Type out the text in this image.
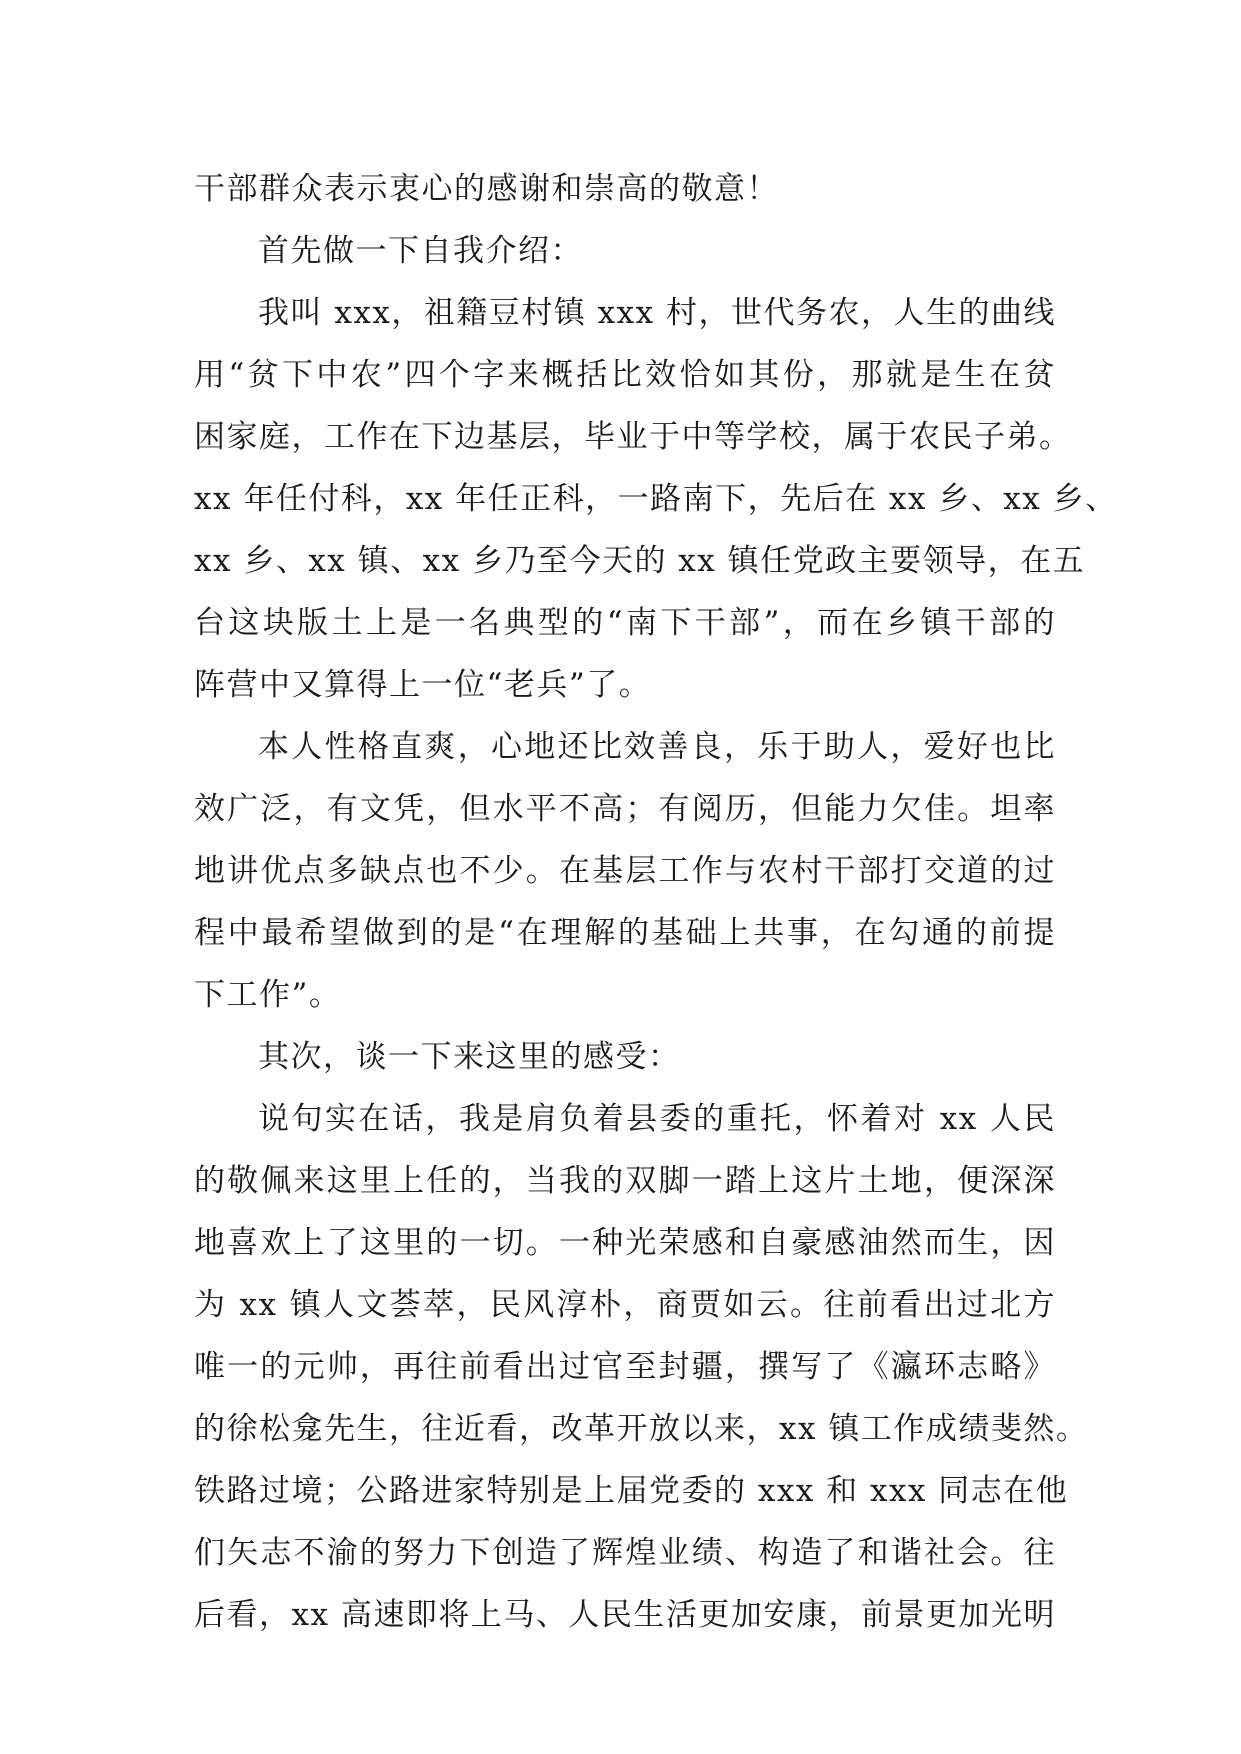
干部群众表示衷心的感谢和崇高的敬意！
首先做一下自我介绍：
我叫 xxx，祖籍豆村镇 xxx 村，世代务农，人生的曲线
用“贫下中农”四个字来概括比效恰如其份，那就是生在贫
困家庭，工作在下边基层，毕业于中等学校，属于农民子弟。
xx 年任付科，xx 年任正科，一路南下，先后在 xx 乡、xx 乡、
xx 乡、xx 镇、xx 乡乃至今天的 xx 镇任党政主要领导，在五
台这块版土上是一名典型的“南下干部”，而在乡镇干部的
阵营中又算得上一位“老兵”了。
本人性格直爽，心地还比效善良，乐于助人，爱好也比
效广泛，有文凭，但水平不高；有阅历，但能力欠佳。坦率
地讲优点多缺点也不少。在基层工作与农村干部打交道的过
程中最希望做到的是“在理解的基础上共事，在勾通的前提
下工作”。
其次，谈一下来这里的感受：
说句实在话，我是肩负着县委的重托，怀着对 xx 人民
的敬佩来这里上任的，当我的双脚一踏上这片土地，便深深
地喜欢上了这里的一切。一种光荣感和自豪感油然而生，因
为 xx 镇人文荟萃，民风淳朴，商贾如云。往前看出过北方
唯一的元帅，再往前看出过官至封疆，撰写了《瀛环志略》
的徐松龛先生，往近看，改革开放以来，xx 镇工作成绩斐然。
铁路过境；公路进家特别是上届党委的 xxx 和 xxx 同志在他
们矢志不渝的努力下创造了辉煌业绩、构造了和谐社会。往
后看，xx 高速即将上马、人民生活更加安康，前景更加光明
